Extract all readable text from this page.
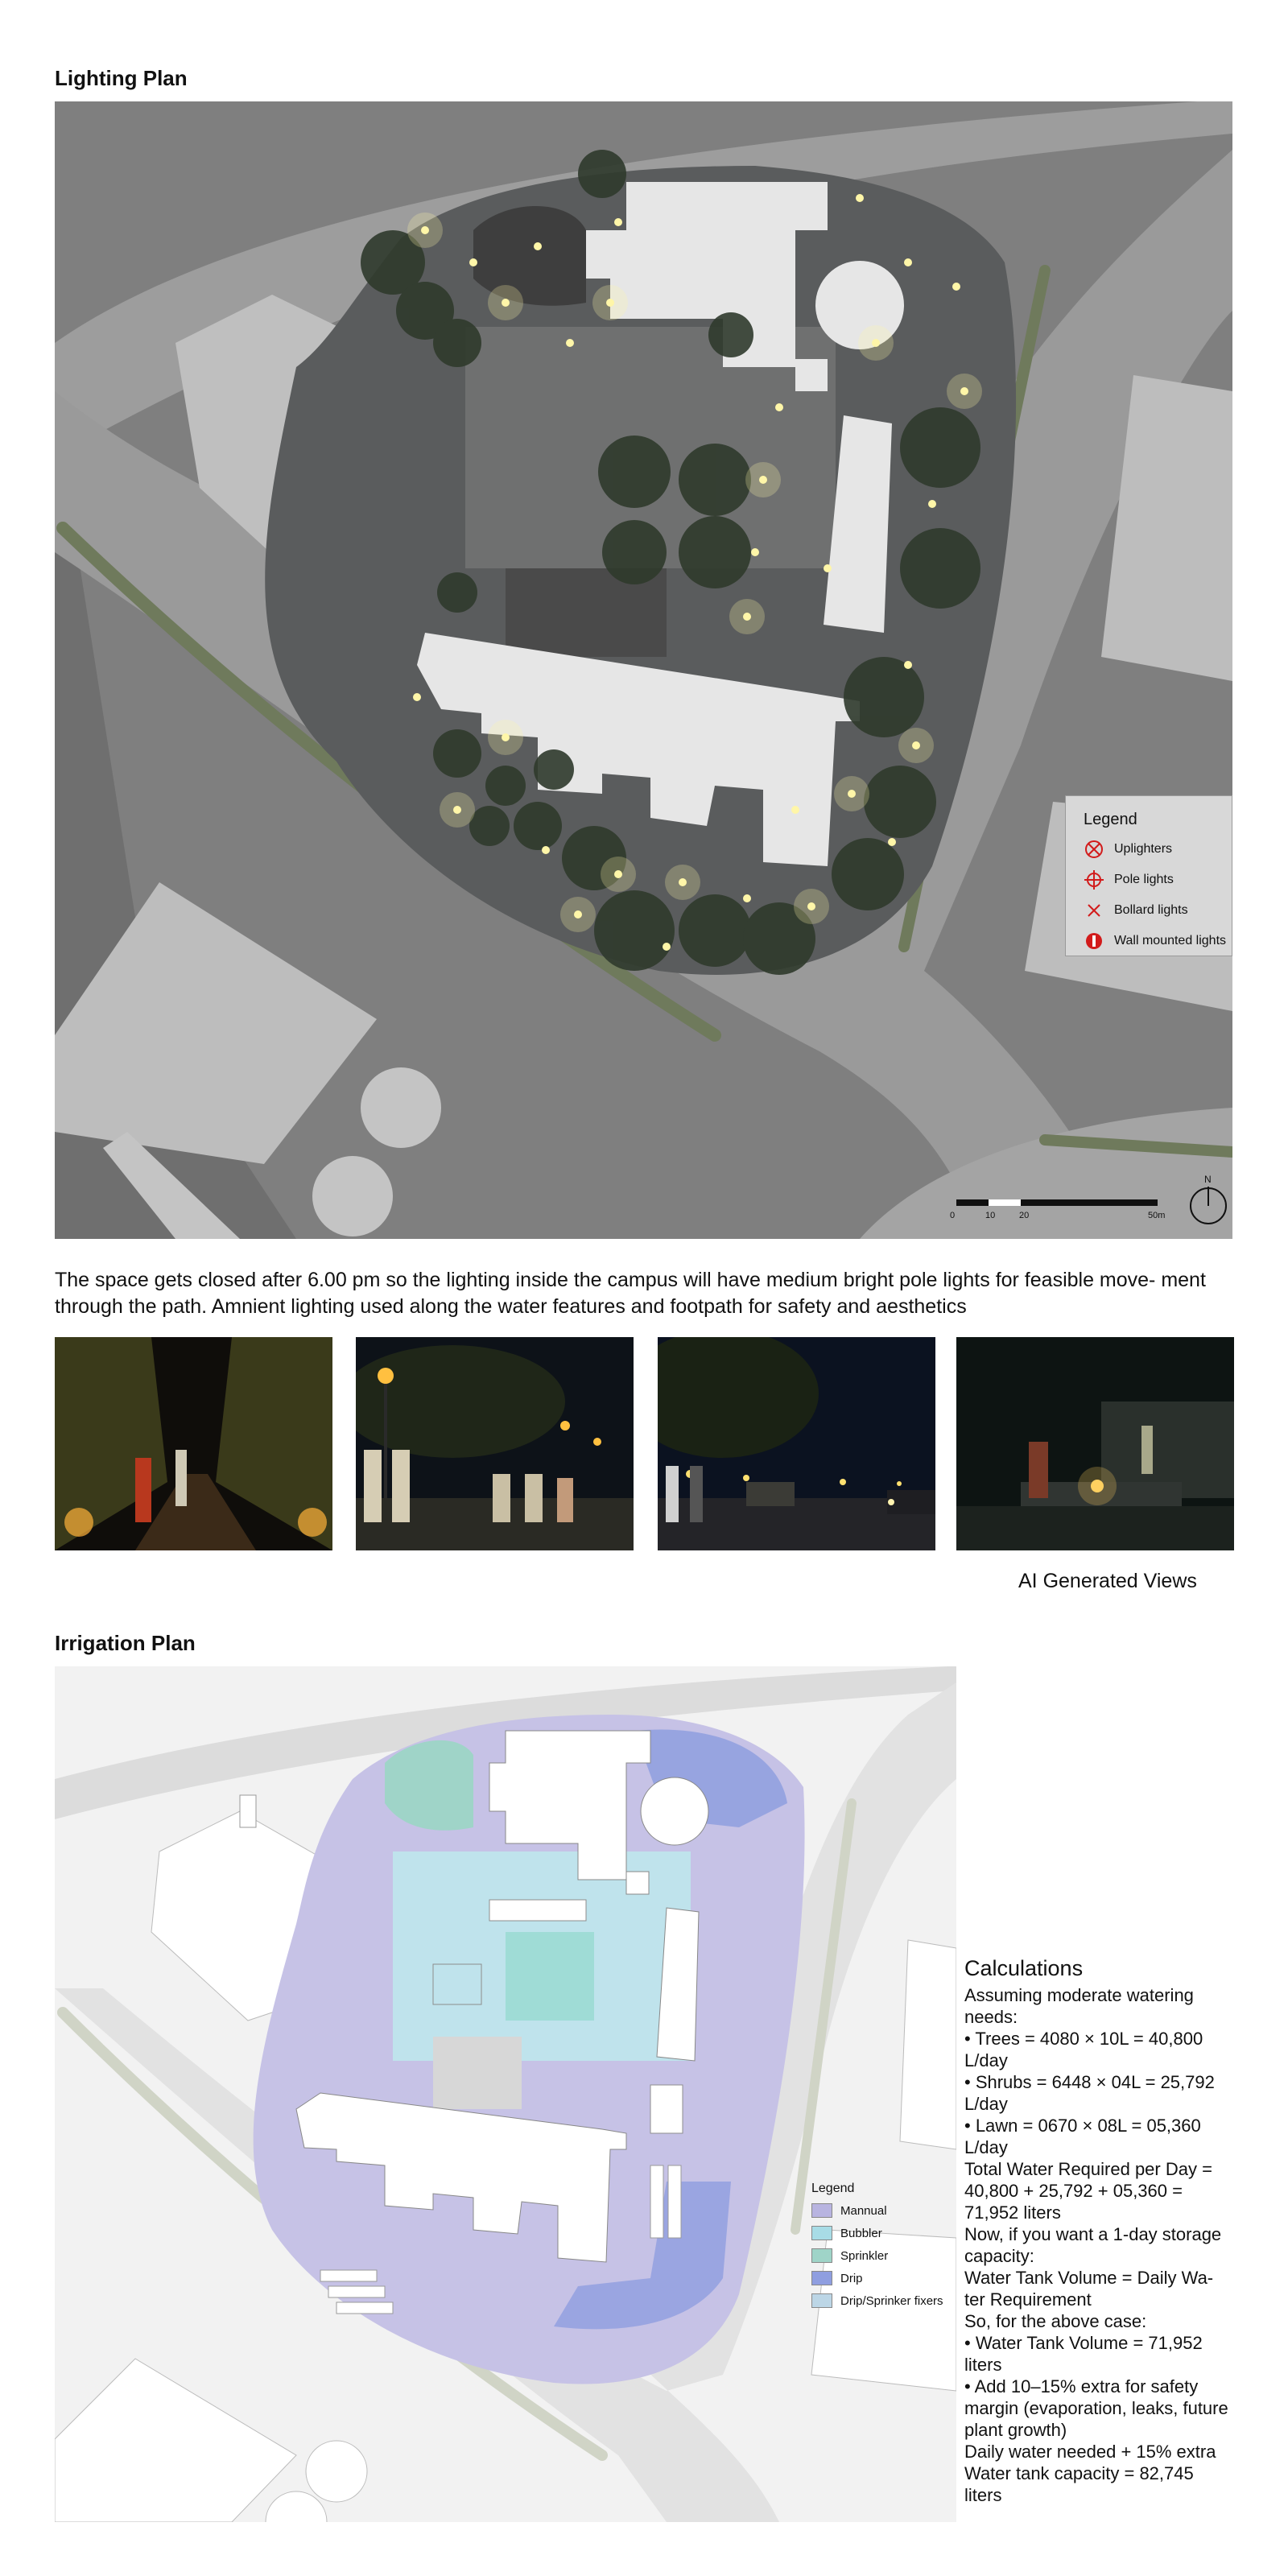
Lighting Plan
0	10	20	50m
N
Legend
Uplighters
Pole lights
Bollard lights
Wall mounted lights
The space gets closed after 6.00 pm so the lighting inside the campus will have medium bright pole lights for feasible move- ment through the path. Amnient lighting used along the water features and footpath for safety and aesthetics
AI Generated Views
Irrigation Plan
Legend
Mannual
Bubbler
Sprinkler
Drip
Drip/Sprinker fixers
Calculations
Assuming moderate watering needs:
• Trees = 4080 × 10L = 40,800 L/day
• Shrubs = 6448 × 04L = 25,792 L/day
• Lawn = 0670 × 08L = 05,360 L/day
Total Water Required per Day = 40,800 + 25,792 + 05,360 = 71,952 liters
Now, if you want a 1-day storage capacity:
Water Tank Volume = Daily Wa- ter Requirement
So, for the above case:
• Water Tank Volume = 71,952 liters
• Add 10–15% extra for safety margin (evaporation, leaks, future plant growth)
Daily water needed + 15% extra Water tank capacity = 82,745 liters
